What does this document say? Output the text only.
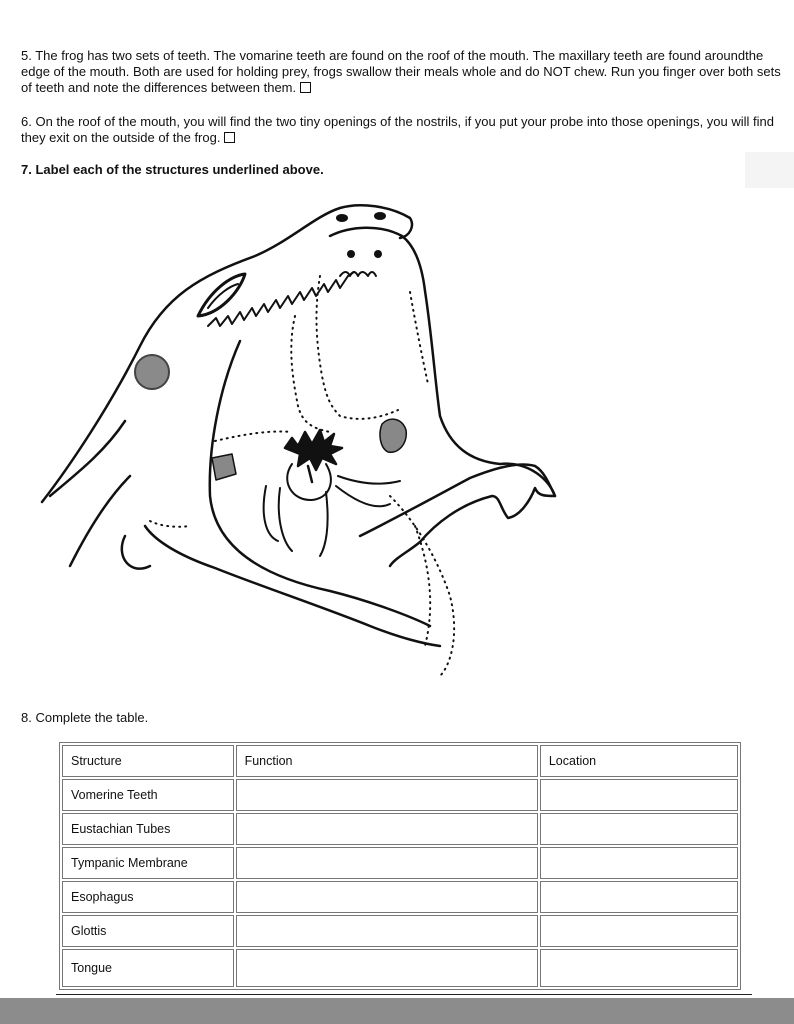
5. The frog has two sets of teeth. The vomarine teeth are found on the roof of the mouth. The maxillary teeth are found aroundthe edge of the mouth. Both are used for holding prey, frogs swallow their meals whole and do NOT chew. Run you finger over both sets of teeth and note the differences between them.

6. On the roof of the mouth, you will find the two tiny openings of the nostrils, if you put your probe into those openings, you will find they exit on the outside of the frog.

7. Label each of the structures underlined above.

8. Complete the table.

Structure	Function	Location
Vomerine Teeth		
Eustachian Tubes		
Tympanic Membrane		
Esophagus		
Glottis		
Tongue		
